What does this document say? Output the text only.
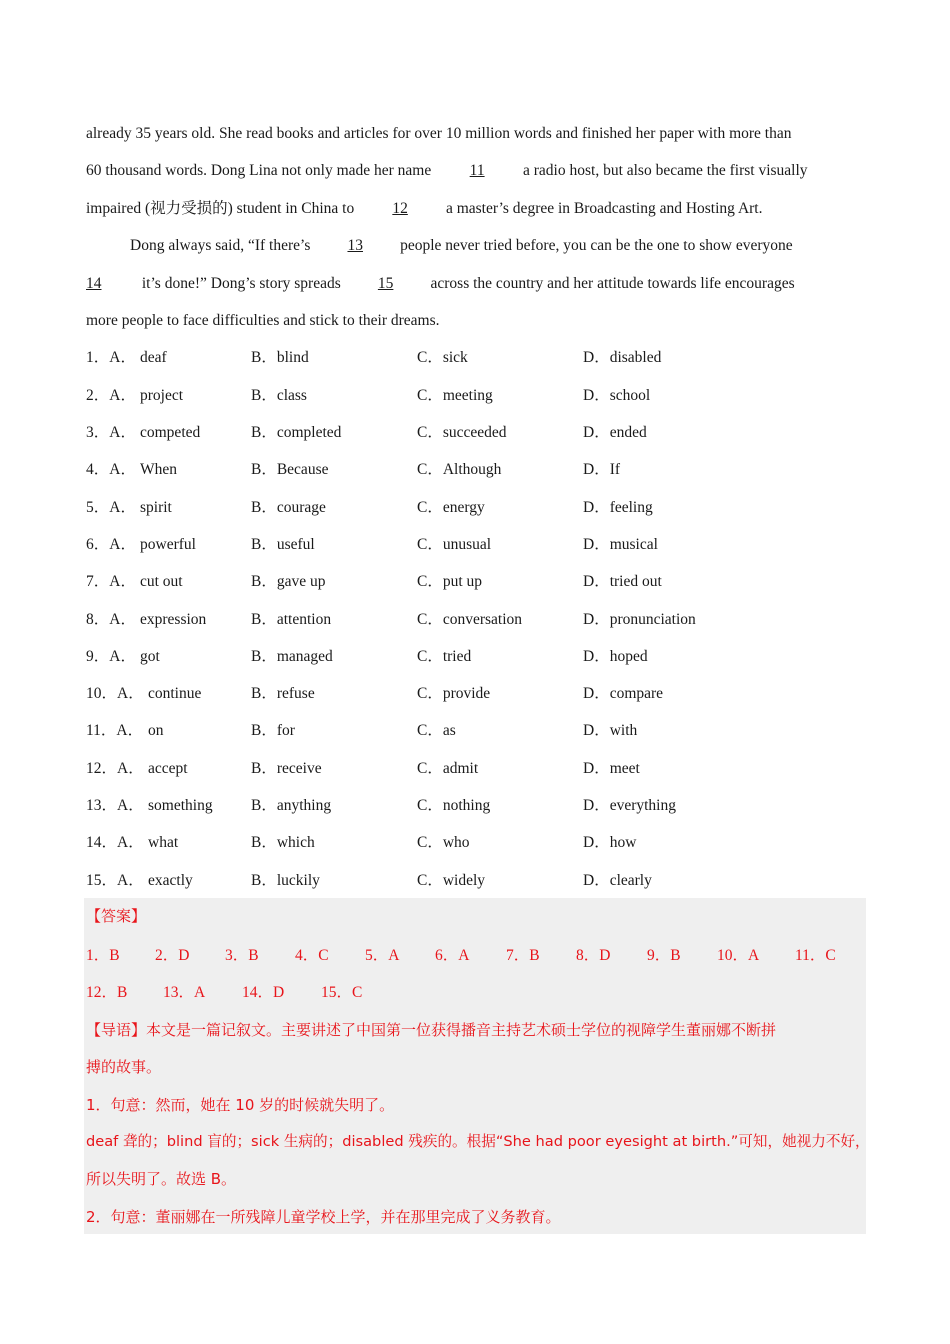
already 35 years old. She read books and articles for over 10 million words and finished her paper with more than
60 thousand words. Dong Lina not only made her name 11 a radio host, but also became the first visually
impaired (视力受损的) student in China to 12 a master’s degree in Broadcasting and Hosting Art.
Dong always said, “If there’s 13 people never tried before, you can be the one to show everyone
14	it’s done!” Dong’s story spreads 15 across the country and her attitude towards life encourages
more people to face difficulties and stick to their dreams.
1．A． deaf	B．blind	C．sick	D．disabled
2．A． project	B．class	C．meeting	D．school
3．A． competed	B．completed	C．succeeded	D．ended
4．A． When	B．Because	C．Although	D．If
5．A． spirit	B．courage	C．energy	D．feeling
6．A． powerful	B．useful	C．unusual	D．musical
7．A． cut out	B．gave up	C．put up	D．tried out
8．A． expression	B．attention	C．conversation	D．pronunciation
9．A． got	B．managed	C．tried	D．hoped
10．A． continue	B．refuse	C．provide	D．compare
11．A． on	B．for	C．as	D．with
12．A． accept	B．receive	C．admit	D．meet
13．A． something B．anything	C．nothing	D．everything
14．A． what	B．which	C．who	D．how
15．A． exactly	B．luckily	C．widely	D．clearly
【答案】
1．B 2．D 3．B 4．C 5．A 6．A 7．B 8．D 9．B 10．A 11．C
12．B 13．A 14．D 15．C
【导语】本文是一篇记叙文。主要讲述了中国第一位获得播音主持艺术硕士学位的视障学生董丽娜不断拼
搏的故事。
1．句意：然而，她在 10 岁的时候就失明了。
deaf 聋的；blind 盲的；sick 生病的；disabled 残疾的。根据“She had poor eyesight at birth.”可知，她视力不好，
所以失明了。故选 B。
2．句意：董丽娜在一所残障儿童学校上学，并在那里完成了义务教育。
